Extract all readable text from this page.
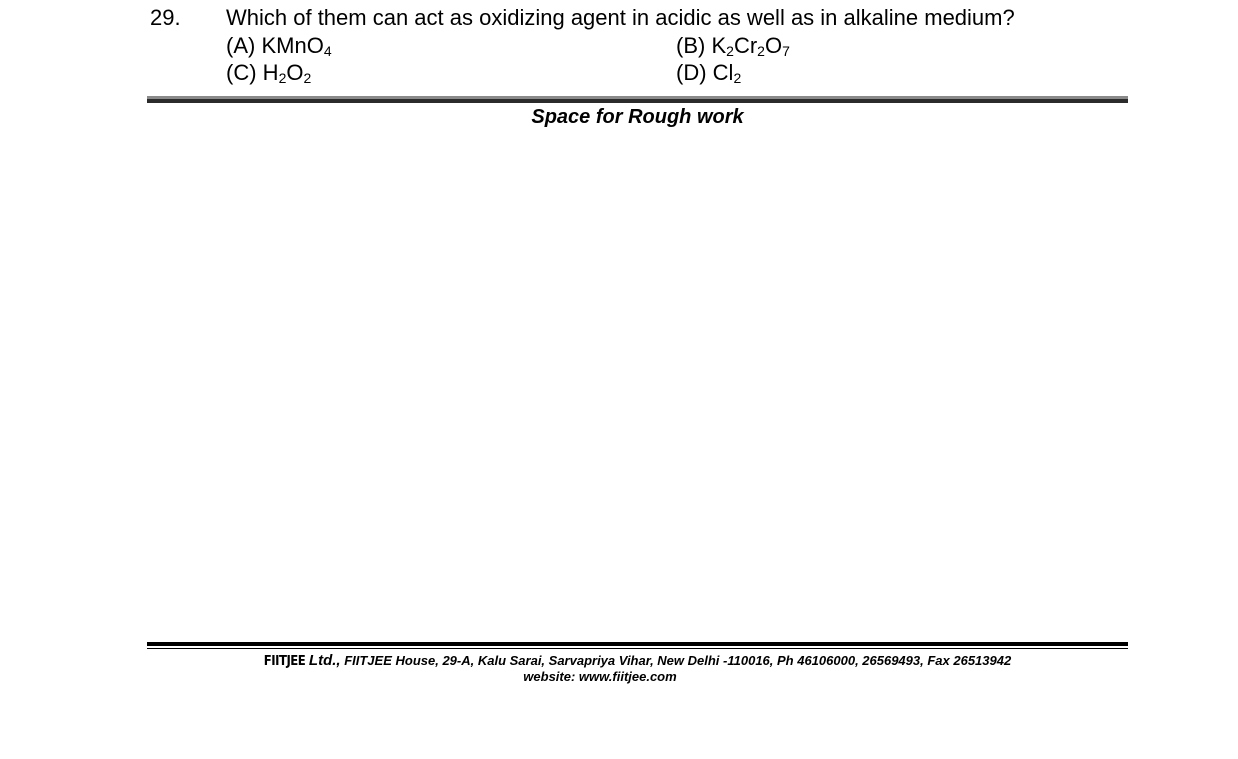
29. Which of them can act as oxidizing agent in acidic as well as in alkaline medium?
(A) KMnO$_4$	(B) $K_2Cr_2O_7$
(C) $H_2O_2$	(D) $Cl_2$
Space for Rough work
FIITJEE Ltd., FIITJEE House, 29-A, Kalu Sarai, Sarvapriya Vihar, New Delhi -110016, Ph 46106000, 26569493, Fax 26513942
website: www.fiitjee.com
